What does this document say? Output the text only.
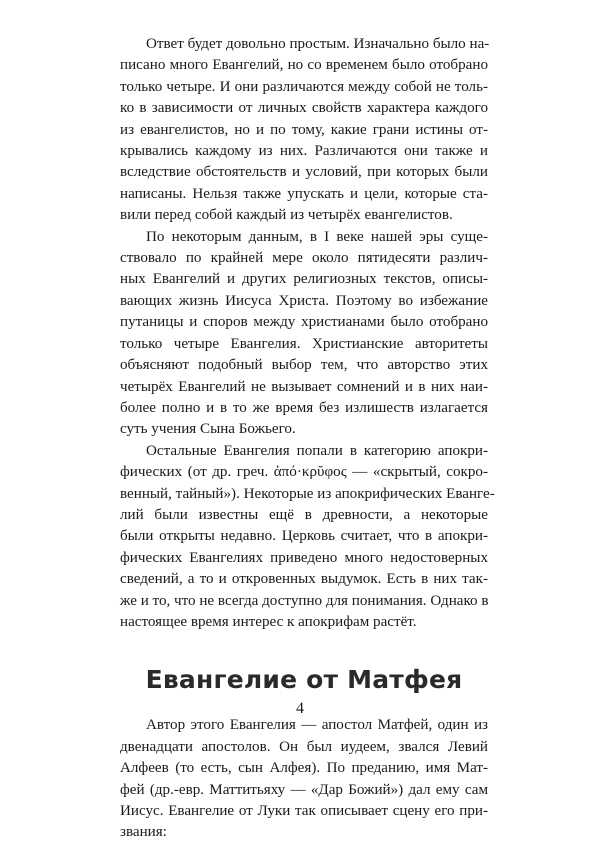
Ответ будет довольно простым. Изначально было на-
писано много Евангелий, но со временем было отобрано
только четыре. И они различаются между собой не толь-
ко в зависимости от личных свойств характера каждого
из евангелистов, но и по тому, какие грани истины от-
крывались каждому из них. Различаются они также и
вследствие обстоятельств и условий, при которых были
написаны. Нельзя также упускать и цели, которые ста-
вили перед собой каждый из четырёх евангелистов.

По некоторым данным, в I веке нашей эры суще-
ствовало по крайней мере около пятидесяти различ-
ных Евангелий и других религиозных текстов, описы-
вающих жизнь Иисуса Христа. Поэтому во избежание
путаницы и споров между христианами было отобрано
только четыре Евангелия. Христианские авторитеты
объясняют подобный выбор тем, что авторство этих
четырёх Евангелий не вызывает сомнений и в них наи-
более полно и в то же время без излишеств излагается
суть учения Сына Божьего.

Остальные Евангелия попали в категорию апокри-
фических (от др. греч. ἀπό·κρῠφος — «скрытый, сокро-
венный, тайный»). Некоторые из апокрифических Еванге-
лий были известны ещё в древности, а некоторые
были открыты недавно. Церковь считает, что в апокри-
фических Евангелиях приведено много недостоверных
сведений, а то и откровенных выдумок. Есть в них так-
же и то, что не всегда доступно для понимания. Однако в
настоящее время интерес к апокрифам растёт.

Евангелие от Матфея

Автор этого Евангелия — апостол Матфей, один из
двенадцати апостолов. Он был иудеем, звался Левий
Алфеев (то есть, сын Алфея). По преданию, имя Мат-
фей (др.-евр. Маттитьяху — «Дар Божий») дал ему сам
Иисус. Евангелие от Луки так описывает сцену его при-
звания:

4
